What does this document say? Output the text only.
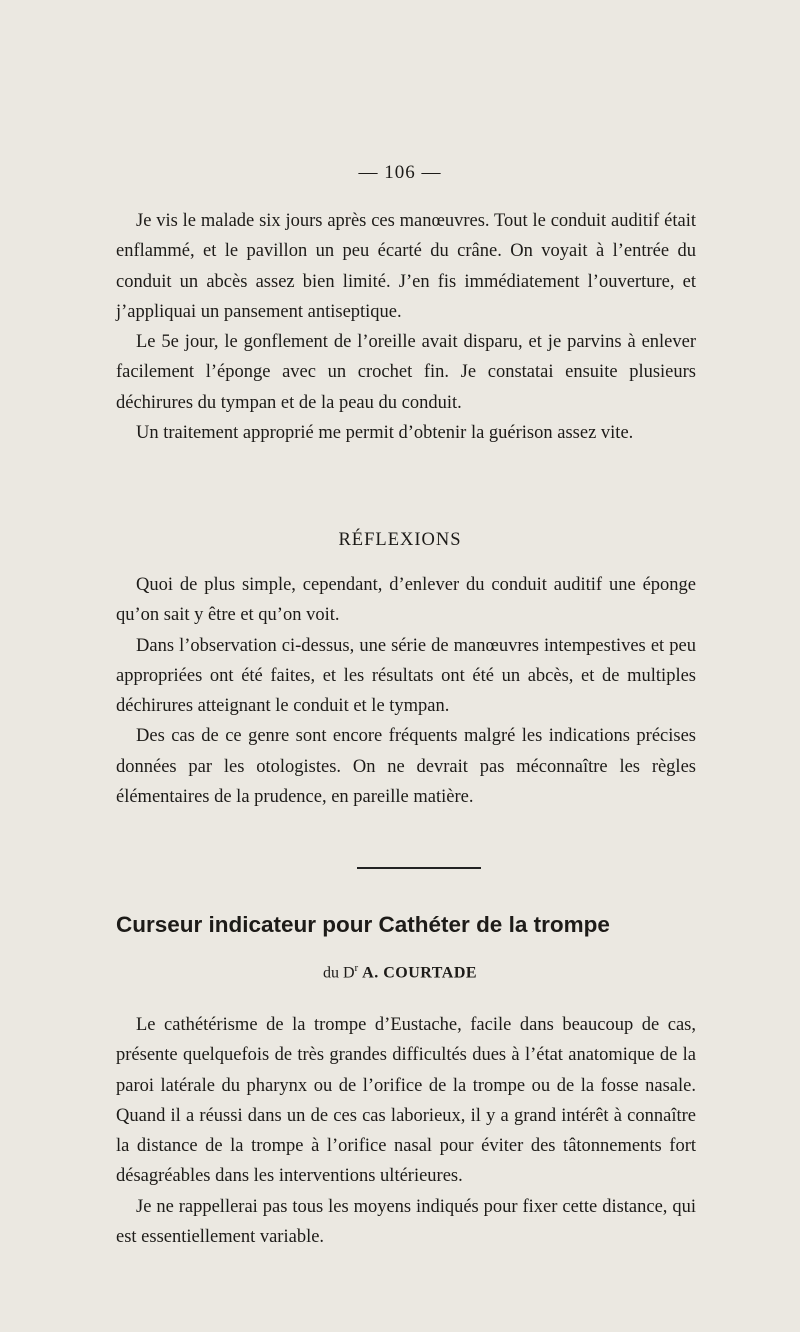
— 106 —

Je vis le malade six jours après ces manœuvres. Tout le conduit auditif était enflammé, et le pavillon un peu écarté du crâne. On voyait à l’entrée du conduit un abcès assez bien limité. J’en fis immédiatement l’ouverture, et j’appliquai un pansement antiseptique.

Le 5e jour, le gonflement de l’oreille avait disparu, et je parvins à enlever facilement l’éponge avec un crochet fin. Je constatai ensuite plusieurs déchirures du tympan et de la peau du conduit.

Un traitement approprié me permit d’obtenir la guérison assez vite.

RÉFLEXIONS

Quoi de plus simple, cependant, d’enlever du conduit auditif une éponge qu’on sait y être et qu’on voit.

Dans l’observation ci-dessus, une série de manœuvres intempestives et peu appropriées ont été faites, et les résultats ont été un abcès, et de multiples déchirures atteignant le conduit et le tympan.

Des cas de ce genre sont encore fréquents malgré les indications précises données par les otologistes. On ne devrait pas méconnaître les règles élémentaires de la prudence, en pareille matière.

Curseur indicateur pour Cathéter de la trompe
du $D^r$ A. COURTADE

Le cathétérisme de la trompe d’Eustache, facile dans beaucoup de cas, présente quelquefois de très grandes difficultés dues à l’état anatomique de la paroi latérale du pharynx ou de l’orifice de la trompe ou de la fosse nasale. Quand il a réussi dans un de ces cas laborieux, il y a grand intérêt à connaître la distance de la trompe à l’orifice nasal pour éviter des tâtonnements fort désagréables dans les interventions ultérieures.

Je ne rappellerai pas tous les moyens indiqués pour fixer cette distance, qui est essentiellement variable.
